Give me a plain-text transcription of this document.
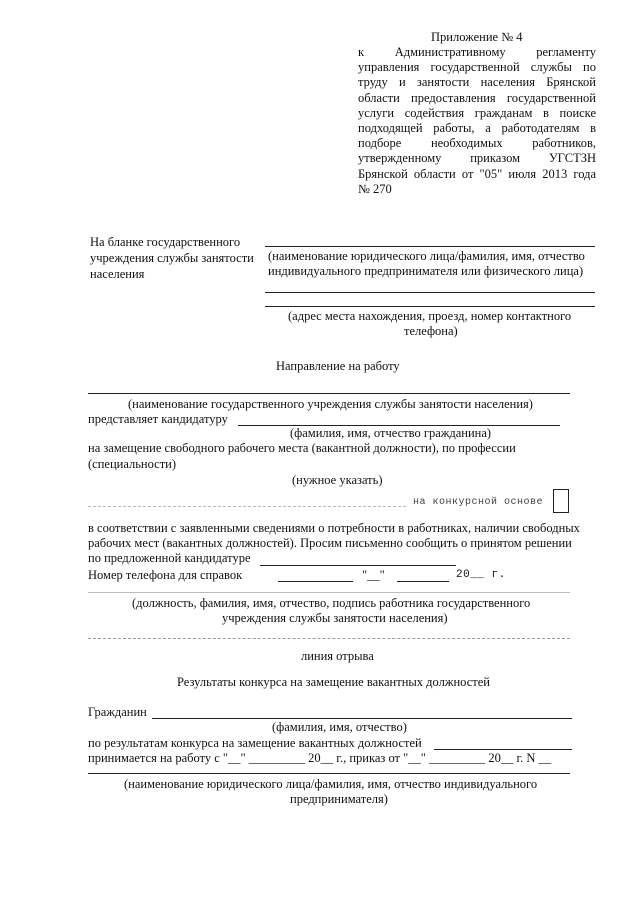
Приложение № 4
к Административному регламенту
управления государственной службы по
труду и занятости населения Брянской
области предоставления государственной
услуги содействия гражданам в поиске
подходящей работы, а работодателям в
подборе необходимых работников,
утвержденному приказом УГСТЗН
Брянской области от "05" июля 2013 года
№ 270
На бланке государственного
учреждения службы занятости
населения
(наименование юридического лица/фамилия, имя, отчество
индивидуального предпринимателя или физического лица)
(адрес места нахождения, проезд, номер контактного
телефона)
Направление на работу
(наименование государственного учреждения службы занятости населения)
представляет кандидатуру
(фамилия, имя, отчество гражданина)
на замещение свободного рабочего места (вакантной должности), по профессии
(специальности)
(нужное указать)
на конкурсной основе
в соответствии с заявленными сведениями о потребности в работниках, наличии свободных
рабочих мест (вакантных должностей). Просим письменно сообщить о принятом решении
по предложенной кандидатуре
Номер телефона для справок	"__"	20__ г.
(должность, фамилия, имя, отчество, подпись работника государственного
учреждения службы занятости населения)
линия отрыва
Результаты конкурса на замещение вакантных должностей
Гражданин
(фамилия, имя, отчество)
по результатам конкурса на замещение вакантных должностей
принимается на работу с "__" _________ 20__ г., приказ от "__" _________ 20__ г. N __
(наименование юридического лица/фамилия, имя, отчество индивидуального
предпринимателя)
